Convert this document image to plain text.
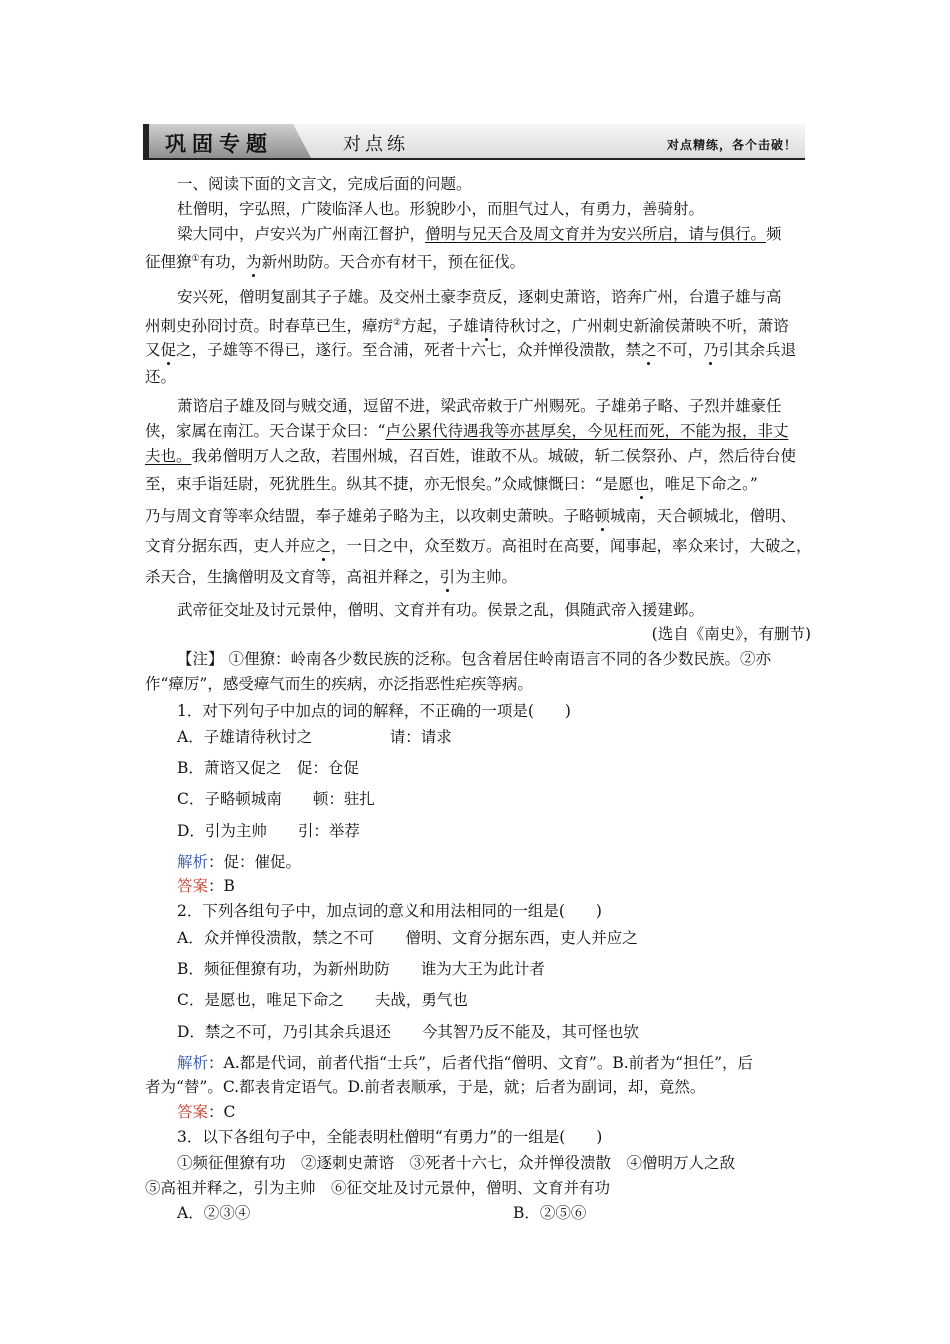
巩固专题	对点练	对点精练，各个击破！
一、阅读下面的文言文，完成后面的问题。
杜僧明，字弘照，广陵临泽人也。形貌眇小，而胆气过人，有勇力，善骑射。
梁大同中，卢安兴为广州南江督护，僧明与兄天合及周文育并为安兴所启，请与俱行。频
征俚獠①有功，为新州助防。天合亦有材干，预在征伐。
安兴死，僧明复副其子子雄。及交州土豪李贲反，逐刺史萧谘，谘奔广州，台遣子雄与高
州刺史孙冏讨贲。时春草已生，瘴疠②方起，子雄请待秋讨之，广州刺史新渝侯萧映不听，萧谘
又促之，子雄等不得已，遂行。至合浦，死者十六七，众并惮役溃散，禁之不可，乃引其余兵退
还。
萧谘启子雄及冏与贼交通，逗留不进，梁武帝敕于广州赐死。子雄弟子略、子烈并雄豪任
侠，家属在南江。天合谋于众曰：“卢公累代待遇我等亦甚厚矣，今见枉而死，不能为报，非丈
夫也。我弟僧明万人之敌，若围州城，召百姓，谁敢不从。城破，斩二侯祭孙、卢，然后待台使
至，束手诣廷尉，死犹胜生。纵其不捷，亦无恨矣。”众咸慷慨曰：“是愿也，唯足下命之。”
乃与周文育等率众结盟，奉子雄弟子略为主，以攻刺史萧映。子略顿城南，天合顿城北，僧明、
文育分据东西，吏人并应之，一日之中，众至数万。高祖时在高要，闻事起，率众来讨，大破之，
杀天合，生擒僧明及文育等，高祖并释之，引为主帅。
武帝征交址及讨元景仲，僧明、文育并有功。侯景之乱，俱随武帝入援建邺。
(选自《南史》，有删节)
【注】 ①俚獠：岭南各少数民族的泛称。包含着居住岭南语言不同的各少数民族。②亦
作“瘴厉”，感受瘴气而生的疾病，亦泛指恶性疟疾等病。
1．对下列句子中加点的词的解释，不正确的一项是(　　)
A．子雄请待秋讨之　　　　　请：请求
B．萧谘又促之　促：仓促
C．子略顿城南　　顿：驻扎
D．引为主帅　　引：举荐
解析：促：催促。
答案：B
2．下列各组句子中，加点词的意义和用法相同的一组是(　　)
A．众并惮役溃散，禁之不可　　僧明、文育分据东西，吏人并应之
B．频征俚獠有功，为新州助防　　谁为大王为此计者
C．是愿也，唯足下命之　　夫战，勇气也
D．禁之不可，乃引其余兵退还　　今其智乃反不能及，其可怪也欤
解析：A.都是代词，前者代指“士兵”，后者代指“僧明、文育”。B.前者为“担任”，后
者为“替”。C.都表肯定语气。D.前者表顺承，于是，就；后者为副词，却，竟然。
答案：C
3．以下各组句子中，全能表明杜僧明“有勇力”的一组是(　　)
①频征俚獠有功　②逐刺史萧谘　③死者十六七，众并惮役溃散　④僧明万人之敌
⑤高祖并释之，引为主帅　⑥征交址及讨元景仲，僧明、文育并有功
A．②③④	B．②⑤⑥
